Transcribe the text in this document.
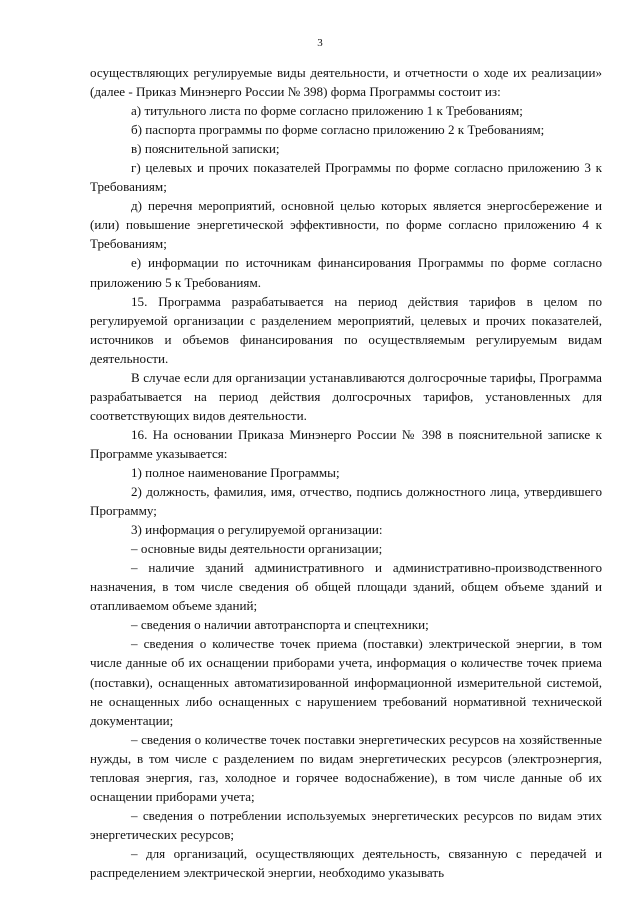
3

осуществляющих регулируемые виды деятельности, и отчетности о ходе их реализации» (далее - Приказ Минэнерго России № 398) форма Программы состоит из:

а) титульного листа по форме согласно приложению 1 к Требованиям;

б) паспорта программы по форме согласно приложению 2 к Требованиям;

в) пояснительной записки;

г) целевых и прочих показателей Программы по форме согласно приложению 3 к Требованиям;

д) перечня мероприятий, основной целью которых является энергосбережение и (или) повышение энергетической эффективности, по форме согласно приложению 4 к Требованиям;

е) информации по источникам финансирования Программы по форме согласно приложению 5 к Требованиям.

15. Программа разрабатывается на период действия тарифов в целом по регулируемой организации с разделением мероприятий, целевых и прочих показателей, источников и объемов финансирования по осуществляемым регулируемым видам деятельности.

В случае если для организации устанавливаются долгосрочные тарифы, Программа разрабатывается на период действия долгосрочных тарифов, установленных для соответствующих видов деятельности.

16. На основании Приказа Минэнерго России № 398 в пояснительной записке к Программе указывается:

1) полное наименование Программы;

2) должность, фамилия, имя, отчество, подпись должностного лица, утвердившего Программу;

3) информация о регулируемой организации:

– основные виды деятельности организации;

– наличие зданий административного и административно-производственного назначения, в том числе сведения об общей площади зданий, общем объеме зданий и отапливаемом объеме зданий;

– сведения о наличии автотранспорта и спецтехники;

– сведения о количестве точек приема (поставки) электрической энергии, в том числе данные об их оснащении приборами учета, информация о количестве точек приема (поставки), оснащенных автоматизированной информационной измерительной системой, не оснащенных либо оснащенных с нарушением требований нормативной технической документации;

– сведения о количестве точек поставки энергетических ресурсов на хозяйственные нужды, в том числе с разделением по видам энергетических ресурсов (электроэнергия, тепловая энергия, газ, холодное и горячее водоснабжение), в том числе данные об их оснащении приборами учета;

– сведения о потреблении используемых энергетических ресурсов по видам этих энергетических ресурсов;

– для организаций, осуществляющих деятельность, связанную с передачей и распределением электрической энергии, необходимо указывать
